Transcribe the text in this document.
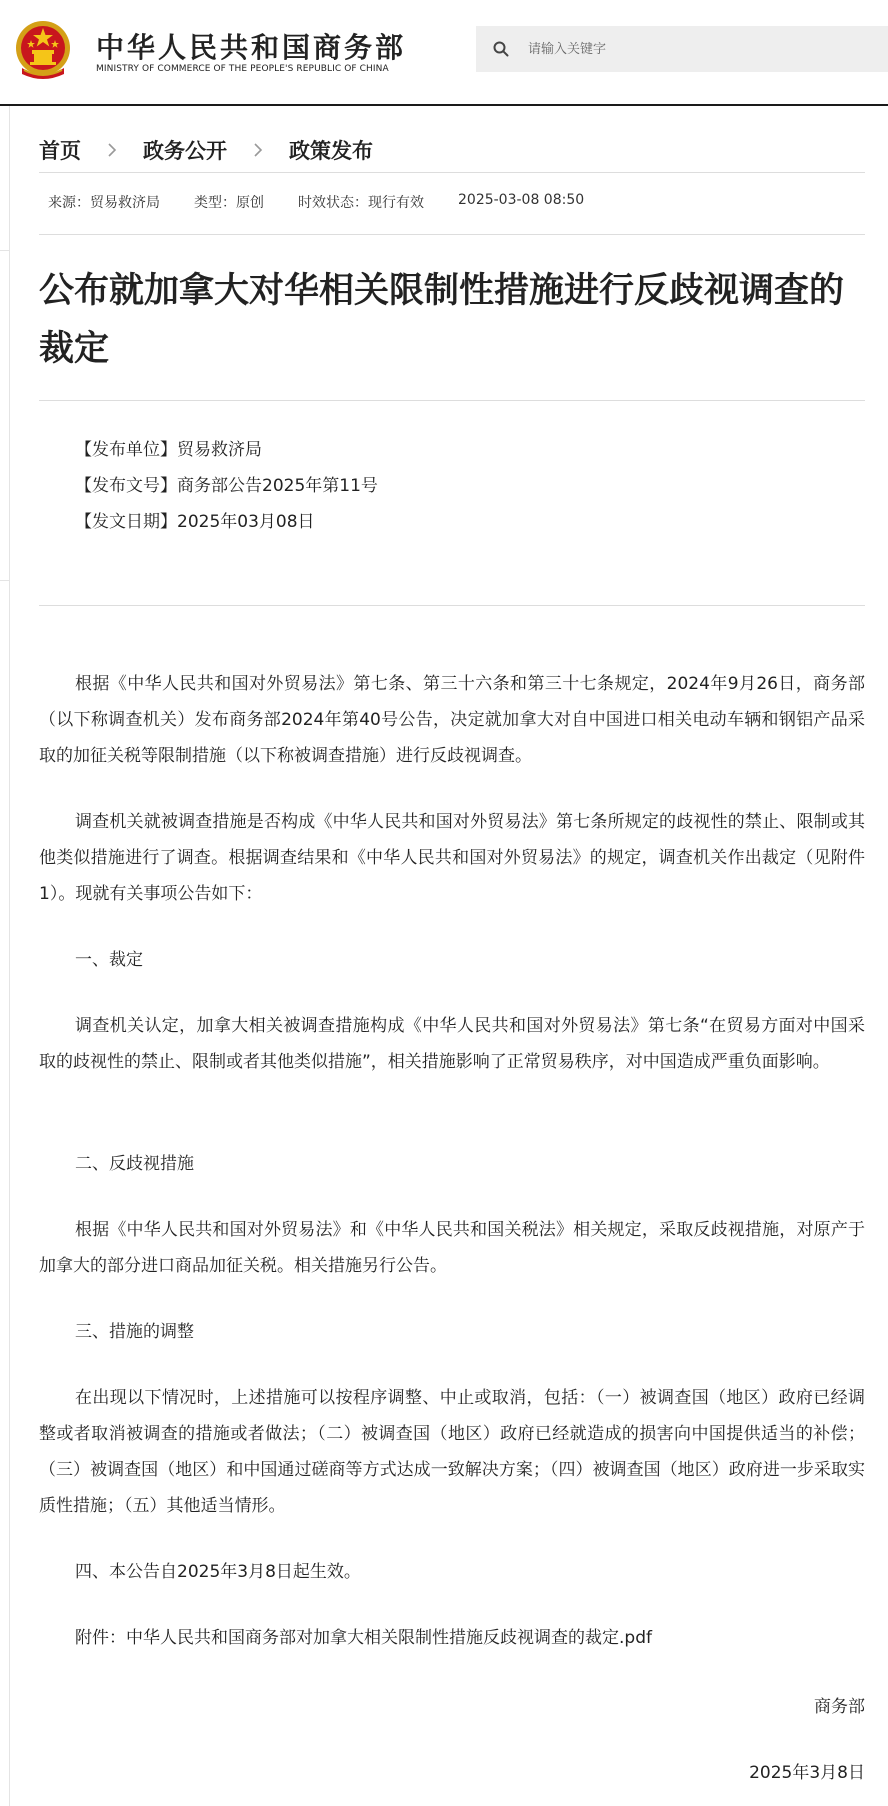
中华人民共和国商务部
MINISTRY OF COMMERCE OF THE PEOPLE'S REPUBLIC OF CHINA
请输入关键字
首页	政务公开	政策发布
来源：贸易救济局 类型：原创 时效状态：现行有效 2025-03-08 08:50
公布就加拿大对华相关限制性措施进行反歧视调查的裁定
【发布单位】贸易救济局
【发布文号】商务部公告2025年第11号
【发文日期】2025年03月08日

根据《中华人民共和国对外贸易法》第七条、第三十六条和第三十七条规定，2024年9月26日，商务部（以下称调查机关）发布商务部2024年第40号公告，决定就加拿大对自中国进口相关电动车辆和钢铝产品采取的加征关税等限制措施（以下称被调查措施）进行反歧视调查。

调查机关就被调查措施是否构成《中华人民共和国对外贸易法》第七条所规定的歧视性的禁止、限制或其他类似措施进行了调查。根据调查结果和《中华人民共和国对外贸易法》的规定，调查机关作出裁定（见附件1）。现就有关事项公告如下：

一、裁定

调查机关认定，加拿大相关被调查措施构成《中华人民共和国对外贸易法》第七条“在贸易方面对中国采取的歧视性的禁止、限制或者其他类似措施”，相关措施影响了正常贸易秩序，对中国造成严重负面影响。

二、反歧视措施

根据《中华人民共和国对外贸易法》和《中华人民共和国关税法》相关规定，采取反歧视措施，对原产于加拿大的部分进口商品加征关税。相关措施另行公告。

三、措施的调整

在出现以下情况时，上述措施可以按程序调整、中止或取消，包括：（一）被调查国（地区）政府已经调整或者取消被调查的措施或者做法；（二）被调查国（地区）政府已经就造成的损害向中国提供适当的补偿；（三）被调查国（地区）和中国通过磋商等方式达成一致解决方案；（四）被调查国（地区）政府进一步采取实质性措施；（五）其他适当情形。

四、本公告自2025年3月8日起生效。

附件：中华人民共和国商务部对加拿大相关限制性措施反歧视调查的裁定.pdf

商务部
2025年3月8日
